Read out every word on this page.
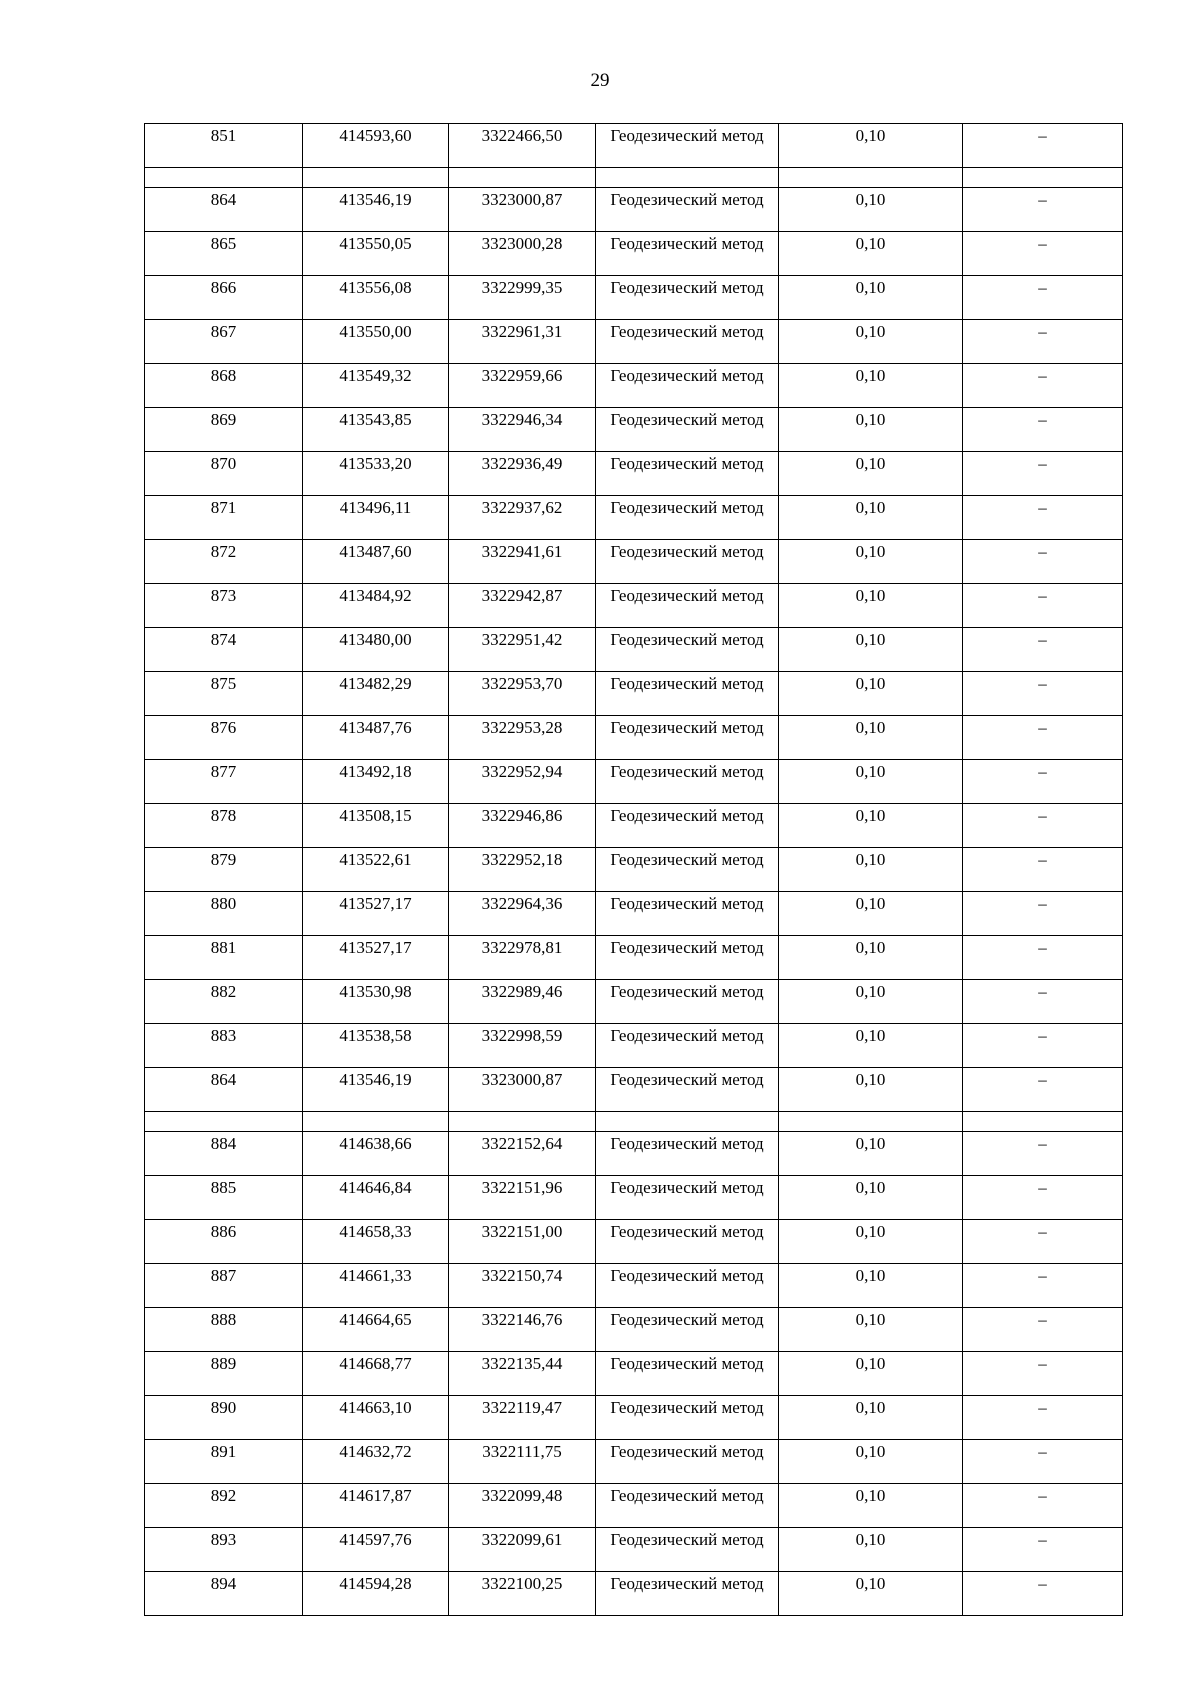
29
851	414593,60	3322466,50	Геодезический метод	0,10	–

864	413546,19	3323000,87	Геодезический метод	0,10	–
865	413550,05	3323000,28	Геодезический метод	0,10	–
866	413556,08	3322999,35	Геодезический метод	0,10	–
867	413550,00	3322961,31	Геодезический метод	0,10	–
868	413549,32	3322959,66	Геодезический метод	0,10	–
869	413543,85	3322946,34	Геодезический метод	0,10	–
870	413533,20	3322936,49	Геодезический метод	0,10	–
871	413496,11	3322937,62	Геодезический метод	0,10	–
872	413487,60	3322941,61	Геодезический метод	0,10	–
873	413484,92	3322942,87	Геодезический метод	0,10	–
874	413480,00	3322951,42	Геодезический метод	0,10	–
875	413482,29	3322953,70	Геодезический метод	0,10	–
876	413487,76	3322953,28	Геодезический метод	0,10	–
877	413492,18	3322952,94	Геодезический метод	0,10	–
878	413508,15	3322946,86	Геодезический метод	0,10	–
879	413522,61	3322952,18	Геодезический метод	0,10	–
880	413527,17	3322964,36	Геодезический метод	0,10	–
881	413527,17	3322978,81	Геодезический метод	0,10	–
882	413530,98	3322989,46	Геодезический метод	0,10	–
883	413538,58	3322998,59	Геодезический метод	0,10	–
864	413546,19	3323000,87	Геодезический метод	0,10	–

884	414638,66	3322152,64	Геодезический метод	0,10	–
885	414646,84	3322151,96	Геодезический метод	0,10	–
886	414658,33	3322151,00	Геодезический метод	0,10	–
887	414661,33	3322150,74	Геодезический метод	0,10	–
888	414664,65	3322146,76	Геодезический метод	0,10	–
889	414668,77	3322135,44	Геодезический метод	0,10	–
890	414663,10	3322119,47	Геодезический метод	0,10	–
891	414632,72	3322111,75	Геодезический метод	0,10	–
892	414617,87	3322099,48	Геодезический метод	0,10	–
893	414597,76	3322099,61	Геодезический метод	0,10	–
894	414594,28	3322100,25	Геодезический метод	0,10	–
